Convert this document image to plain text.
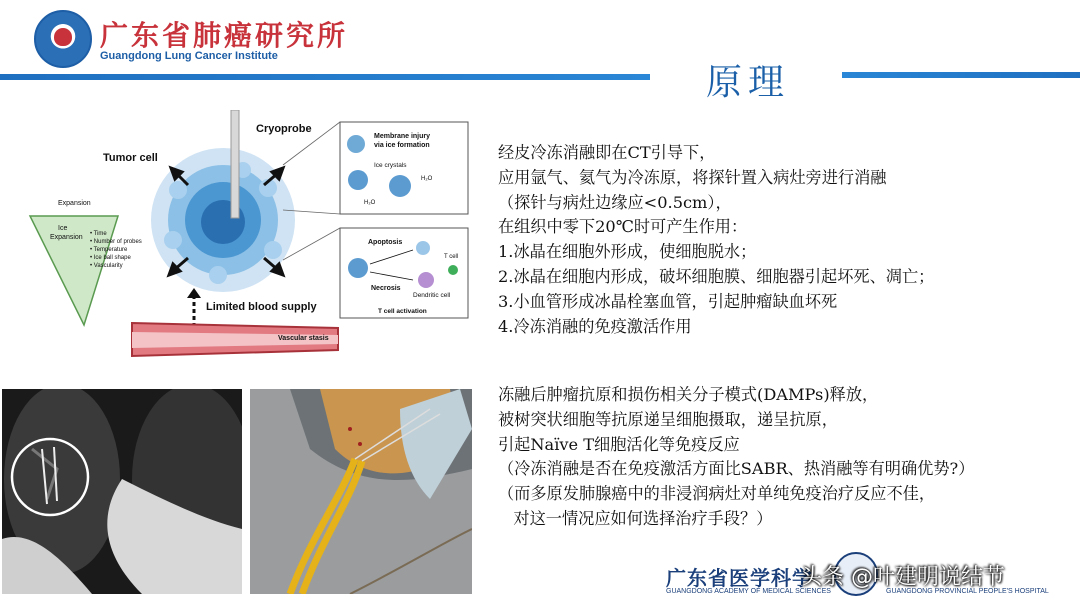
广东省肺癌研究所
Guangdong Lung Cancer Institute
原理
Cryoprobe
Tumor cell
Expansion
Ice
Expansion • Time
• Number of probes
• Temperature
• Ice ball shape
• Vascularity
Membrane injury
via ice formation
Ice crystals
H₂O
H₂O
Apoptosis
Necrosis
T cell
Dendritic cell
T cell activation
Limited blood supply
Vascular stasis
经皮冷冻消融即在CT引导下，
应用氩气、氦气为冷冻原，将探针置入病灶旁进行消融
（探针与病灶边缘应<0.5cm），
在组织中零下20℃时可产生作用：
1.冰晶在细胞外形成，使细胞脱水；
2.冰晶在细胞内形成，破坏细胞膜、细胞器引起坏死、凋亡；
3.小血管形成冰晶栓塞血管，引起肿瘤缺血坏死
4.冷冻消融的免疫激活作用
冻融后肿瘤抗原和损伤相关分子模式(DAMPs)释放，
被树突状细胞等抗原递呈细胞摄取，递呈抗原，
引起Naïve T细胞活化等免疫反应
（冷冻消融是否在免疫激活方面比SABR、热消融等有明确优势?）
（而多原发肺腺癌中的非浸润病灶对单纯免疫治疗反应不佳，
对这一情况应如何选择治疗手段？）
广东省医学科学
GUANGDONG ACADEMY OF MEDICAL SCIENCES	GUANGDONG PROVINCIAL PEOPLE'S HOSPITAL
头条 @叶建明说结节
